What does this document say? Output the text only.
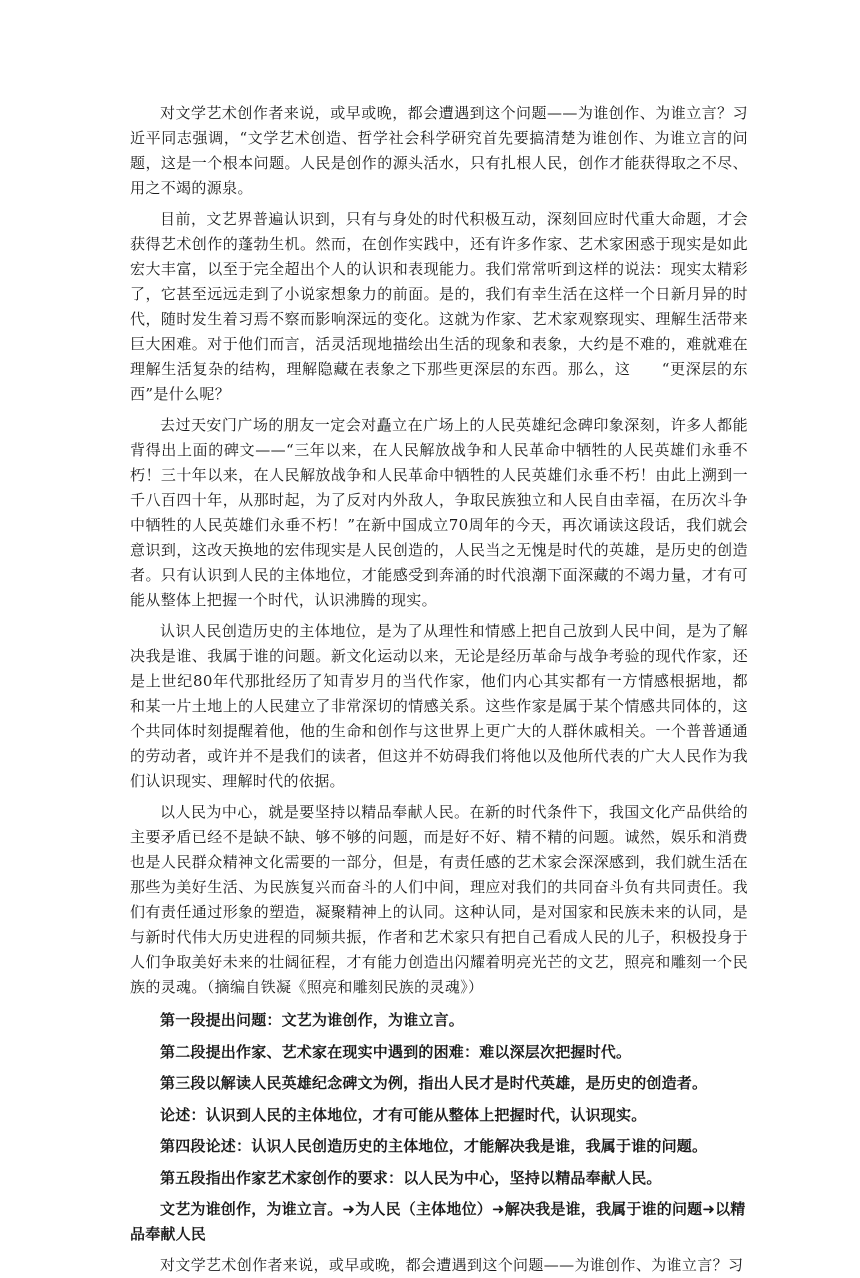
对文学艺术创作者来说，或早或晚，都会遭遇到这个问题——为谁创作、为谁立言？习近平同志强调，“文学艺术创造、哲学社会科学研究首先要搞清楚为谁创作、为谁立言的问题，这是一个根本问题。人民是创作的源头活水，只有扎根人民，创作才能获得取之不尽、用之不竭的源泉。

目前，文艺界普遍认识到，只有与身处的时代积极互动，深刻回应时代重大命题，才会获得艺术创作的蓬勃生机。然而，在创作实践中，还有许多作家、艺术家困惑于现实是如此宏大丰富，以至于完全超出个人的认识和表现能力。我们常常听到这样的说法：现实太精彩了，它甚至远远走到了小说家想象力的前面。是的，我们有幸生活在这样一个日新月异的时代，随时发生着习焉不察而影响深远的变化。这就为作家、艺术家观察现实、理解生活带来巨大困难。对于他们而言，活灵活现地描绘出生活的现象和表象，大约是不难的，难就难在理解生活复杂的结构，理解隐藏在表象之下那些更深层的东西。那么，这　　“更深层的东西”是什么呢？

去过天安门广场的朋友一定会对矗立在广场上的人民英雄纪念碑印象深刻，许多人都能背得出上面的碑文——“三年以来，在人民解放战争和人民革命中牺牲的人民英雄们永垂不朽！三十年以来，在人民解放战争和人民革命中牺牲的人民英雄们永垂不朽！由此上溯到一千八百四十年，从那时起，为了反对内外敌人，争取民族独立和人民自由幸福，在历次斗争中牺牲的人民英雄们永垂不朽！”在新中国成立70周年的今天，再次诵读这段话，我们就会意识到，这改天换地的宏伟现实是人民创造的，人民当之无愧是时代的英雄，是历史的创造者。只有认识到人民的主体地位，才能感受到奔涌的时代浪潮下面深藏的不竭力量，才有可能从整体上把握一个时代，认识沸腾的现实。

认识人民创造历史的主体地位，是为了从理性和情感上把自己放到人民中间，是为了解决我是谁、我属于谁的问题。新文化运动以来，无论是经历革命与战争考验的现代作家，还是上世纪80年代那批经历了知青岁月的当代作家，他们内心其实都有一方情感根据地，都和某一片土地上的人民建立了非常深切的情感关系。这些作家是属于某个情感共同体的，这个共同体时刻提醒着他，他的生命和创作与这世界上更广大的人群休戚相关。一个普普通通的劳动者，或许并不是我们的读者，但这并不妨碍我们将他以及他所代表的广大人民作为我们认识现实、理解时代的依据。

以人民为中心，就是要坚持以精品奉献人民。在新的时代条件下，我国文化产品供给的主要矛盾已经不是缺不缺、够不够的问题，而是好不好、精不精的问题。诚然，娱乐和消费也是人民群众精神文化需要的一部分，但是，有责任感的艺术家会深深感到，我们就生活在那些为美好生活、为民族复兴而奋斗的人们中间，理应对我们的共同奋斗负有共同责任。我们有责任通过形象的塑造，凝聚精神上的认同。这种认同，是对国家和民族未来的认同，是与新时代伟大历史进程的同频共振，作者和艺术家只有把自己看成人民的儿子，积极投身于人们争取美好未来的壮阔征程，才有能力创造出闪耀着明亮光芒的文艺，照亮和雕刻一个民族的灵魂。（摘编自铁凝《照亮和雕刻民族的灵魂》）

第一段提出问题：文艺为谁创作，为谁立言。

第二段提出作家、艺术家在现实中遇到的困难：难以深层次把握时代。

第三段以解读人民英雄纪念碑文为例，指出人民才是时代英雄，是历史的创造者。

论述：认识到人民的主体地位，才有可能从整体上把握时代，认识现实。

第四段论述：认识人民创造历史的主体地位，才能解决我是谁，我属于谁的问题。

第五段指出作家艺术家创作的要求：以人民为中心，坚持以精品奉献人民。

文艺为谁创作，为谁立言。➜为人民（主体地位）➜解决我是谁，我属于谁的问题➜以精品奉献人民

对文学艺术创作者来说，或早或晚，都会遭遇到这个问题——为谁创作、为谁立言？习
